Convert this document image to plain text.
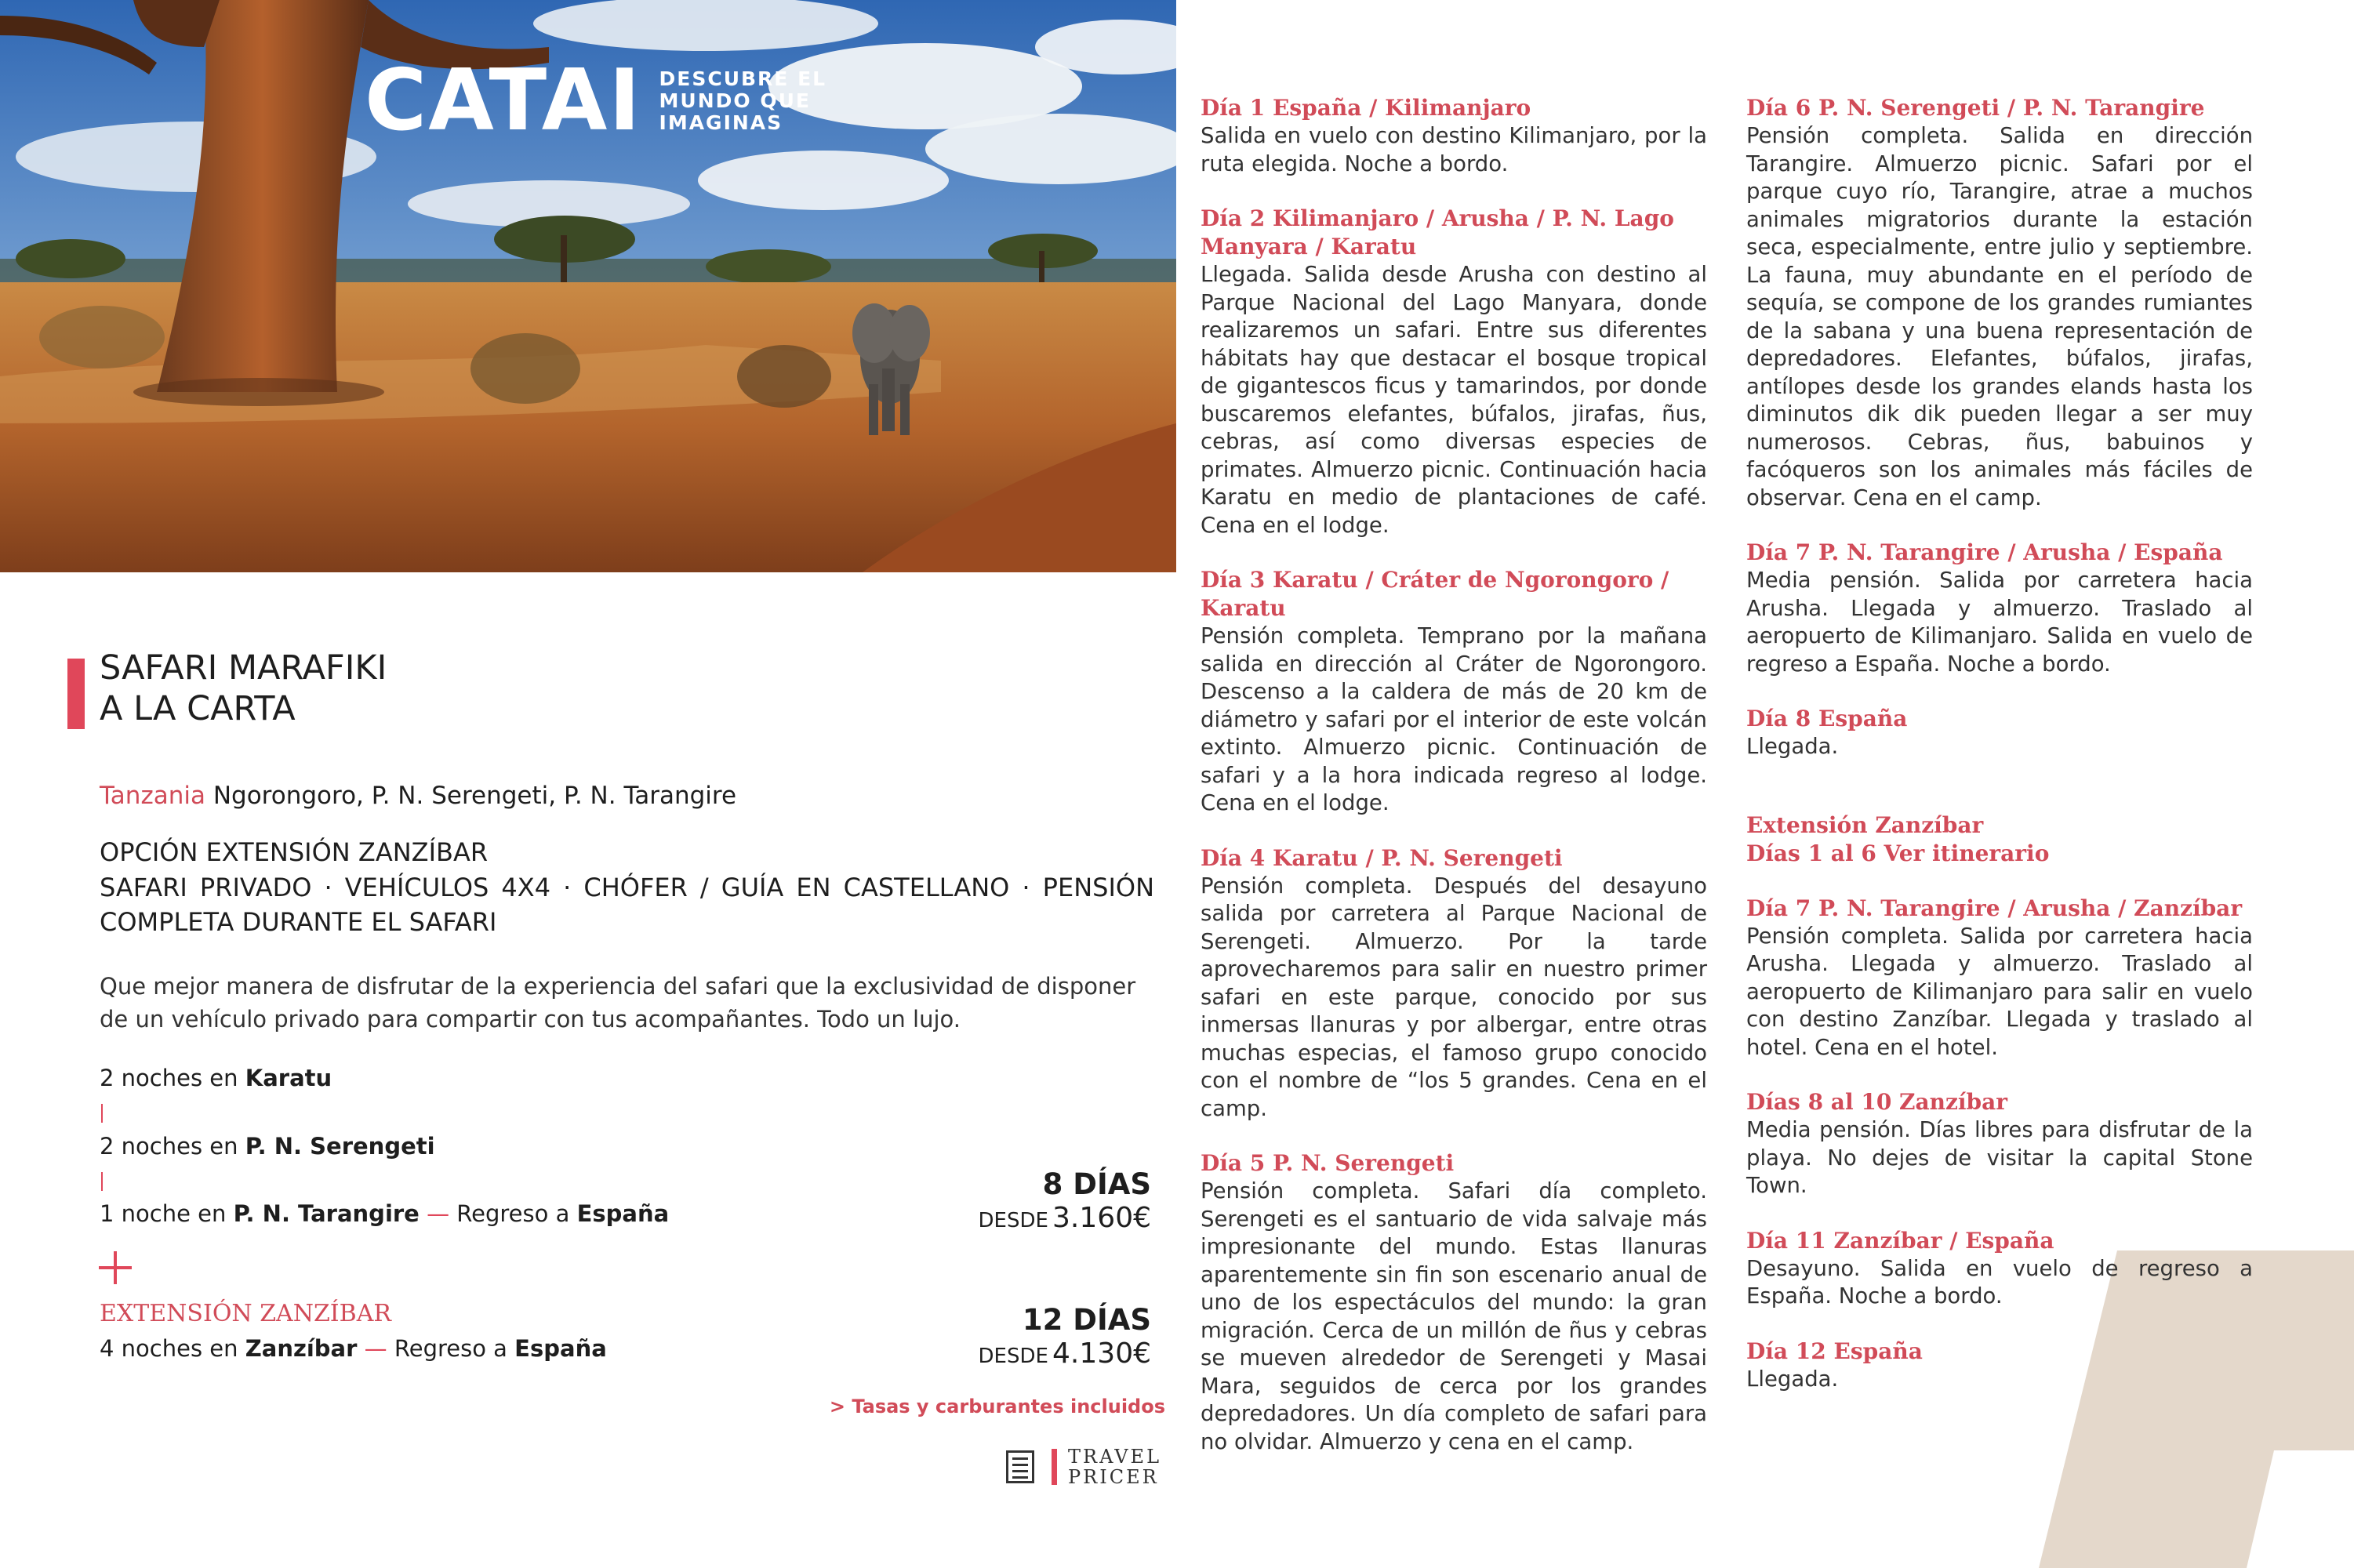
CATAI DESCUBRE EL
MUNDO QUE
IMAGINAS
SAFARI MARAFIKI
A LA CARTA
Tanzania Ngorongoro, P. N. Serengeti, P. N. Tarangire
OPCIÓN EXTENSIÓN ZANZÍBAR
SAFARI PRIVADO · VEHÍCULOS 4X4 · CHÓFER / GUÍA EN CASTELLANO · PENSIÓN COMPLETA DURANTE EL SAFARI
Que mejor manera de disfrutar de la experiencia del safari que la exclusividad de disponer de un vehículo privado para compartir con tus acompañantes. Todo un lujo.
2 noches en Karatu
2 noches en P. N. Serengeti
1 noche en P. N. Tarangire — Regreso a España
EXTENSIÓN ZANZÍBAR
4 noches en Zanzíbar — Regreso a España
8 DÍAS
DESDE 3.160€
12 DÍAS
DESDE 4.130€
> Tasas y carburantes incluidos
TRAVEL
PRICER
Día 1 España / Kilimanjaro

Salida en vuelo con destino Kilimanjaro, por la ruta elegida. Noche a bordo.

Día 2 Kilimanjaro / Arusha / P. N. Lago Manyara / Karatu

Llegada. Salida desde Arusha con destino al Parque Nacional del Lago Manyara, donde realizaremos un safari. Entre sus diferentes hábitats hay que destacar el bosque tropical de gigantescos ficus y tamarindos, por donde buscaremos elefantes, búfalos, jirafas, ñus, cebras, así como diversas especies de primates. Almuerzo picnic. Continuación hacia Karatu en medio de plantaciones de café. Cena en el lodge.

Día 3 Karatu / Cráter de Ngorongoro / Karatu

Pensión completa. Temprano por la mañana salida en dirección al Cráter de Ngorongoro. Descenso a la caldera de más de 20 km de diámetro y safari por el interior de este volcán extinto. Almuerzo picnic. Continuación de safari y a la hora indicada regreso al lodge. Cena en el lodge.

Día 4 Karatu / P. N. Serengeti

Pensión completa. Después del desayuno salida por carretera al Parque Nacional de Serengeti. Almuerzo. Por la tarde aprovecharemos para salir en nuestro primer safari en este parque, conocido por sus inmersas llanuras y por albergar, entre otras muchas especias, el famoso grupo conocido con el nombre de “los 5 grandes. Cena en el camp.

Día 5 P. N. Serengeti

Pensión completa. Safari día completo. Serengeti es el santuario de vida salvaje más impresionante del mundo. Estas llanuras aparentemente sin fin son escenario anual de uno de los espectáculos del mundo: la gran migración. Cerca de un millón de ñus y cebras se mueven alrededor de Serengeti y Masai Mara, seguidos de cerca por los grandes depredadores. Un día completo de safari para no olvidar. Almuerzo y cena en el camp.

Día 6 P. N. Serengeti / P. N. Tarangire

Pensión completa. Salida en dirección Tarangire. Almuerzo picnic. Safari por el parque cuyo río, Tarangire, atrae a muchos animales migratorios durante la estación seca, especialmente, entre julio y septiembre. La fauna, muy abundante en el período de sequía, se compone de los grandes rumiantes de la sabana y una buena representación de depredadores. Elefantes, búfalos, jirafas, antílopes desde los grandes elands hasta los diminutos dik dik pueden llegar a ser muy numerosos. Cebras, ñus, babuinos y facóqueros son los animales más fáciles de observar. Cena en el camp.

Día 7 P. N. Tarangire / Arusha / España

Media pensión. Salida por carretera hacia Arusha. Llegada y almuerzo. Traslado al aeropuerto de Kilimanjaro. Salida en vuelo de regreso a España. Noche a bordo.

Día 8 España

Llegada.

Extensión Zanzíbar
Días 1 al 6 Ver itinerario
Día 7 P. N. Tarangire / Arusha / Zanzíbar

Pensión completa. Salida por carretera hacia Arusha. Llegada y almuerzo. Traslado al aeropuerto de Kilimanjaro para salir en vuelo con destino Zanzíbar. Llegada y traslado al hotel. Cena en el hotel.

Días 8 al 10 Zanzíbar

Media pensión. Días libres para disfrutar de la playa. No dejes de visitar la capital Stone Town.

Día 11 Zanzíbar / España

Desayuno. Salida en vuelo de regreso a España. Noche a bordo.

Día 12 España

Llegada.
